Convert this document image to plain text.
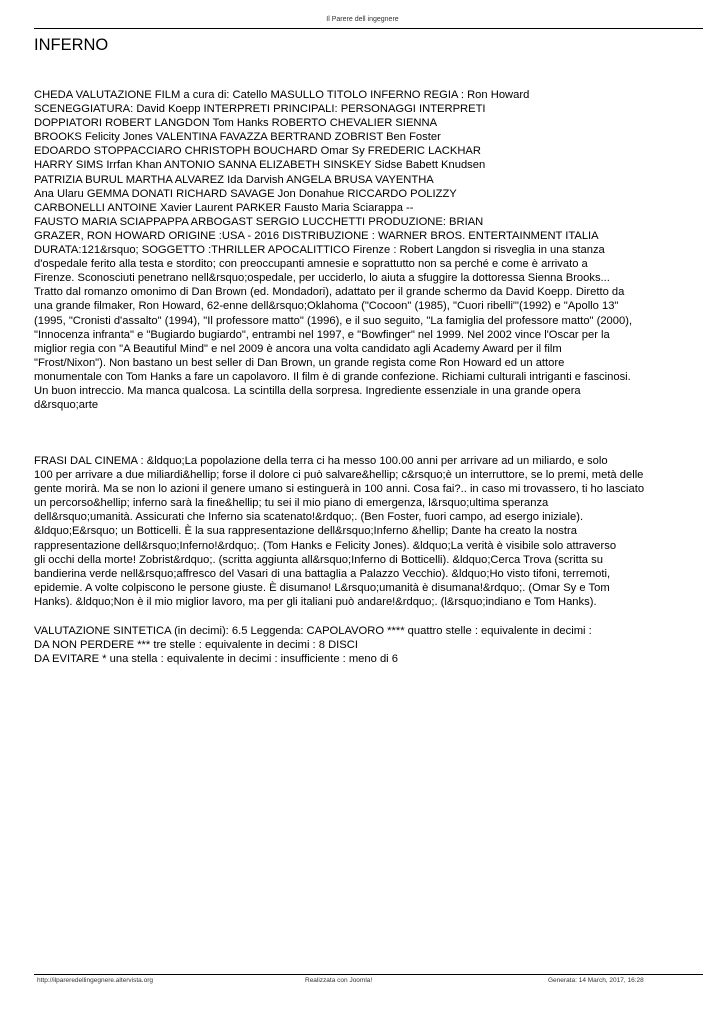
Il Parere dell ingegnere
INFERNO
CHEDA VALUTAZIONE FILM a cura di: Catello MASULLO TITOLO INFERNO REGIA : Ron Howard
SCENEGGIATURA: David Koepp INTERPRETI PRINCIPALI: PERSONAGGI INTERPRETI
DOPPIATORI ROBERT LANGDON Tom Hanks ROBERTO CHEVALIER SIENNA
BROOKS Felicity Jones VALENTINA FAVAZZA BERTRAND ZOBRIST Ben Foster
EDOARDO STOPPACCIARO CHRISTOPH BOUCHARD Omar Sy FREDERIC LACKHAR
HARRY SIMS Irrfan Khan ANTONIO SANNA ELIZABETH SINSKEY Sidse Babett Knudsen
PATRIZIA BURUL MARTHA ALVAREZ Ida Darvish ANGELA BRUSA VAYENTHA
Ana Ularu GEMMA DONATI RICHARD SAVAGE Jon Donahue RICCARDO POLIZZY
CARBONELLI ANTOINE Xavier Laurent PARKER Fausto Maria Sciarappa --
FAUSTO MARIA SCIAPPAPPA ARBOGAST SERGIO LUCCHETTI PRODUZIONE: BRIAN
GRAZER, RON HOWARD ORIGINE :USA - 2016 DISTRIBUZIONE : WARNER BROS. ENTERTAINMENT ITALIA
DURATA:121&rsquo; SOGGETTO :THRILLER APOCALITTICO Firenze : Robert Langdon si risveglia in una stanza
d'ospedale ferito alla testa e stordito; con preoccupanti amnesie e soprattutto non sa perché e come è arrivato a
Firenze. Sconosciuti penetrano nell&rsquo;ospedale, per ucciderlo, lo aiuta a sfuggire la dottoressa Sienna Brooks...
Tratto dal romanzo omonimo di Dan Brown (ed. Mondadori), adattato per il grande schermo da David Koepp. Diretto da
una grande filmaker, Ron Howard, 62-enne dell&rsquo;Oklahoma ("Cocoon" (1985), "Cuori ribelli"'(1992) e "Apollo 13"
(1995, "Cronisti d'assalto" (1994), "Il professore matto" (1996), e il suo seguito, "La famiglia del professore matto" (2000),
"Innocenza infranta" e "Bugiardo bugiardo", entrambi nel 1997, e "Bowfinger" nel 1999. Nel 2002 vince l'Oscar per la
miglior regia con "A Beautiful Mind" e nel 2009 è ancora una volta candidato agli Academy Award per il film
"Frost/Nixon"). Non bastano un best seller di Dan Brown, un grande regista come Ron Howard ed un attore
monumentale con Tom Hanks a fare un capolavoro. Il film è di grande confezione. Richiami culturali intriganti e fascinosi.
Un buon intreccio. Ma manca qualcosa. La scintilla della sorpresa. Ingrediente essenziale in una grande opera
d&rsquo;arte
FRASI DAL CINEMA : &ldquo;La popolazione della terra ci ha messo 100.00 anni per arrivare ad un miliardo, e solo
100 per arrivare a due miliardi&hellip; forse il dolore ci può salvare&hellip; c&rsquo;è un interruttore, se lo premi, metà delle
gente morirà. Ma se non lo azioni il genere umano si estinguerà in 100 anni. Cosa fai?.. in caso mi trovassero, ti ho lasciato
un percorso&hellip; inferno sarà la fine&hellip; tu sei il mio piano di emergenza, l&rsquo;ultima speranza
dell&rsquo;umanità. Assicurati che Inferno sia scatenato!&rdquo;. (Ben Foster, fuori campo, ad esergo iniziale).
&ldquo;E&rsquo; un Botticelli. È la sua rappresentazione dell&rsquo;Inferno &hellip; Dante ha creato la nostra
rappresentazione dell&rsquo;Inferno!&rdquo;. (Tom Hanks e Felicity Jones). &ldquo;La verità è visibile solo attraverso
gli occhi della morte! Zobrist&rdquo;. (scritta aggiunta all&rsquo;Inferno di Botticelli). &ldquo;Cerca Trova (scritta su
bandierina verde nell&rsquo;affresco del Vasari di una battaglia a Palazzo Vecchio). &ldquo;Ho visto tifoni, terremoti,
epidemie. A volte colpiscono le persone giuste. È disumano! L&rsquo;umanità è disumana!&rdquo;. (Omar Sy e Tom
Hanks). &ldquo;Non è il mio miglior lavoro, ma per gli italiani può andare!&rdquo;. (l&rsquo;indiano e Tom Hanks).
VALUTAZIONE SINTETICA (in decimi): 6.5 Leggenda: CAPOLAVORO **** quattro stelle : equivalente in decimi :
DA NON PERDERE *** tre stelle : equivalente in decimi : 8 DISCI
DA EVITARE * una stella : equivalente in decimi : insufficiente : meno di 6
http://ilpareredellingegnere.altervista.org	Realizzata con Joomla!	Generata: 14 March, 2017, 16:28
